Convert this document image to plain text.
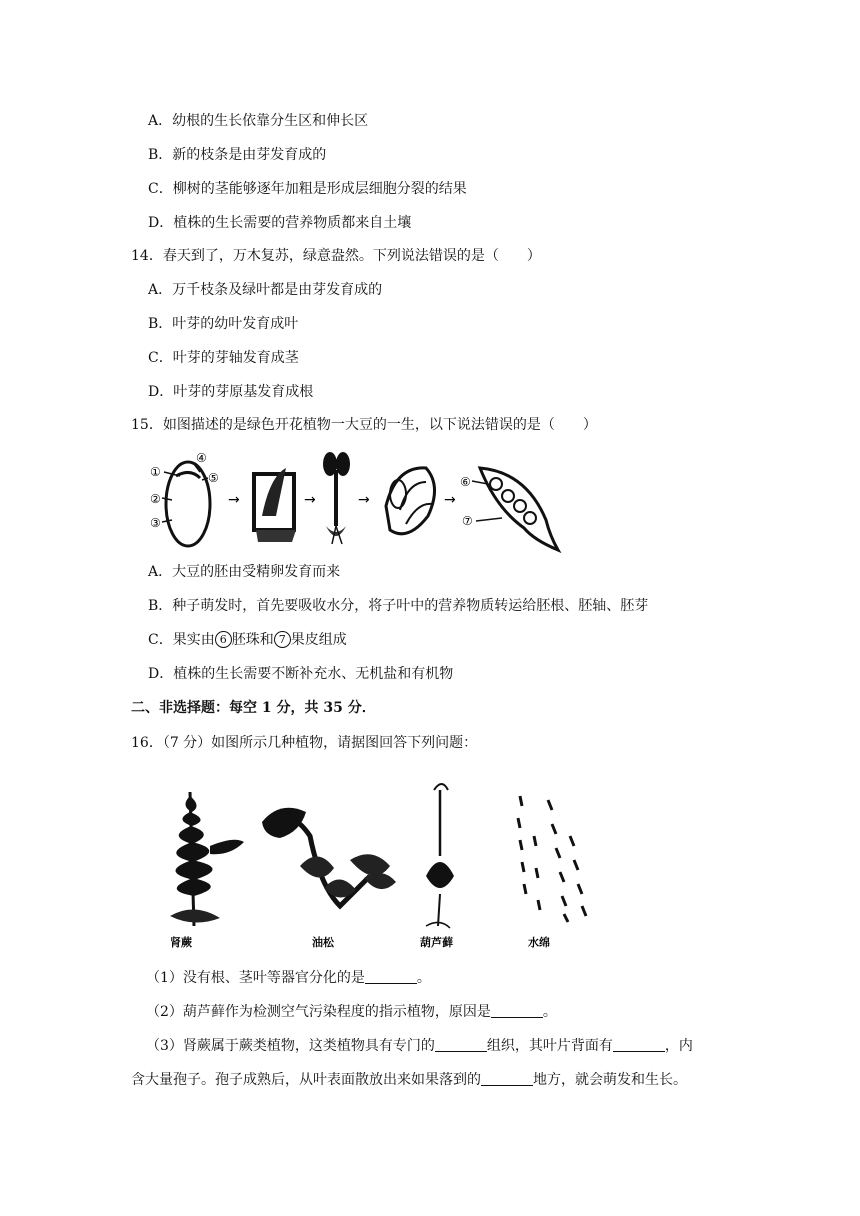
A．幼根的生长依靠分生区和伸长区
B．新的枝条是由芽发育成的
C．柳树的茎能够逐年加粗是形成层细胞分裂的结果
D．植株的生长需要的营养物质都来自土壤
14．春天到了，万木复苏，绿意盎然。下列说法错误的是（　　）
A．万千枝条及绿叶都是由芽发育成的
B．叶芽的幼叶发育成叶
C．叶芽的芽轴发育成茎
D．叶芽的芽原基发育成根
15．如图描述的是绿色开花植物一大豆的一生，以下说法错误的是（　　）
①
②
③
④
⑤
→	→	→	→
⑥
⑦
A．大豆的胚由受精卵发育而来
B．种子萌发时，首先要吸收水分，将子叶中的营养物质转运给胚根、胚轴、胚芽
C．果实由 6 胚珠和 7 果皮组成
D．植株的生长需要不断补充水、无机盐和有机物
二、非选择题：每空 1 分，共 35 分．
16．（7 分）如图所示几种植物，请据图回答下列问题：
肾蕨	油松	葫芦藓	水绵
（1）没有根、茎叶等器官分化的是	。
（2）葫芦藓作为检测空气污染程度的指示植物，原因是	。
（3）肾蕨属于蕨类植物，这类植物具有专门的	组织，其叶片背面有	，内
含大量孢子。孢子成熟后，从叶表面散放出来如果落到的	地方，就会萌发和生长。
